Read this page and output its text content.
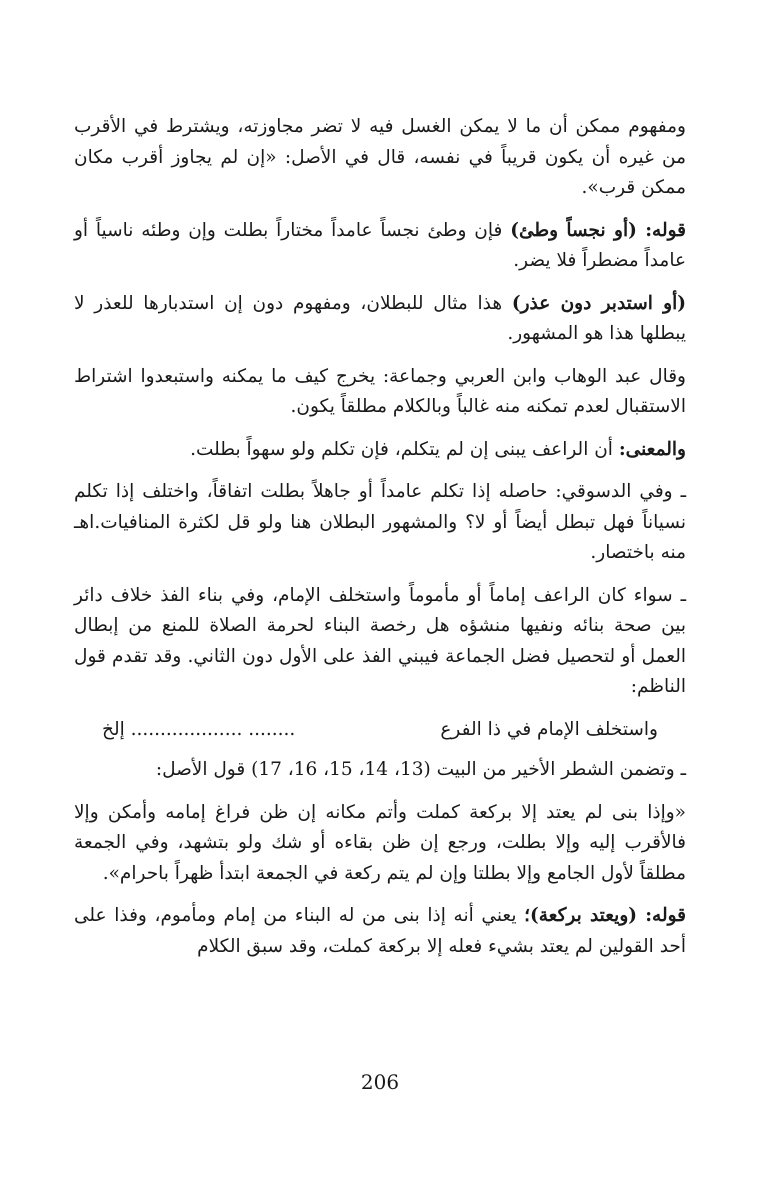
ومفهوم ممكن أن ما لا يمكن الغسل فيه لا تضر مجاوزته، ويشترط في الأقرب من غيره أن يكون قريباً في نفسه، قال في الأصل: «إن لم يجاوز أقرب مكان ممكن قرب».

قوله: (أو نجساً وطئ) فإن وطئ نجساً عامداً مختاراً بطلت وإن وطئه ناسياً أو عامداً مضطراً فلا يضر.

(أو استدبر دون عذر) هذا مثال للبطلان، ومفهوم دون إن استدبارها للعذر لا يبطلها هذا هو المشهور.

وقال عبد الوهاب وابن العربي وجماعة: يخرج كيف ما يمكنه واستبعدوا اشتراط الاستقبال لعدم تمكنه منه غالباً وبالكلام مطلقاً يكون.

والمعنى: أن الراعف يبنى إن لم يتكلم، فإن تكلم ولو سهواً بطلت.

ـ وفي الدسوقي: حاصله إذا تكلم عامداً أو جاهلاً بطلت اتفاقاً، واختلف إذا تكلم نسياناً فهل تبطل أيضاً أو لا؟ والمشهور البطلان هنا ولو قل لكثرة المنافيات.اهـ منه باختصار.

ـ سواء كان الراعف إماماً أو مأموماً واستخلف الإمام، وفي بناء الفذ خلاف دائر بين صحة بنائه ونفيها منشؤه هل رخصة البناء لحرمة الصلاة للمنع من إبطال العمل أو لتحصيل فضل الجماعة فيبني الفذ على الأول دون الثاني. وقد تقدم قول الناظم:

واستخلف الإمام في ذا الفرع
........ ................... إلخ

ـ وتضمن الشطر الأخير من البيت (13، 14، 15، 16، 17) قول الأصل:

«وإذا بنى لم يعتد إلا بركعة كملت وأتم مكانه إن ظن فراغ إمامه وأمكن وإلا فالأقرب إليه وإلا بطلت، ورجع إن ظن بقاءه أو شك ولو بتشهد، وفي الجمعة مطلقاً لأول الجامع وإلا بطلتا وإن لم يتم ركعة في الجمعة ابتدأ ظهراً باحرام».

قوله: (ويعتد بركعة)؛ يعني أنه إذا بنى من له البناء من إمام ومأموم، وفذا على أحد القولين لم يعتد بشيء فعله إلا بركعة كملت، وقد سبق الكلام

206
